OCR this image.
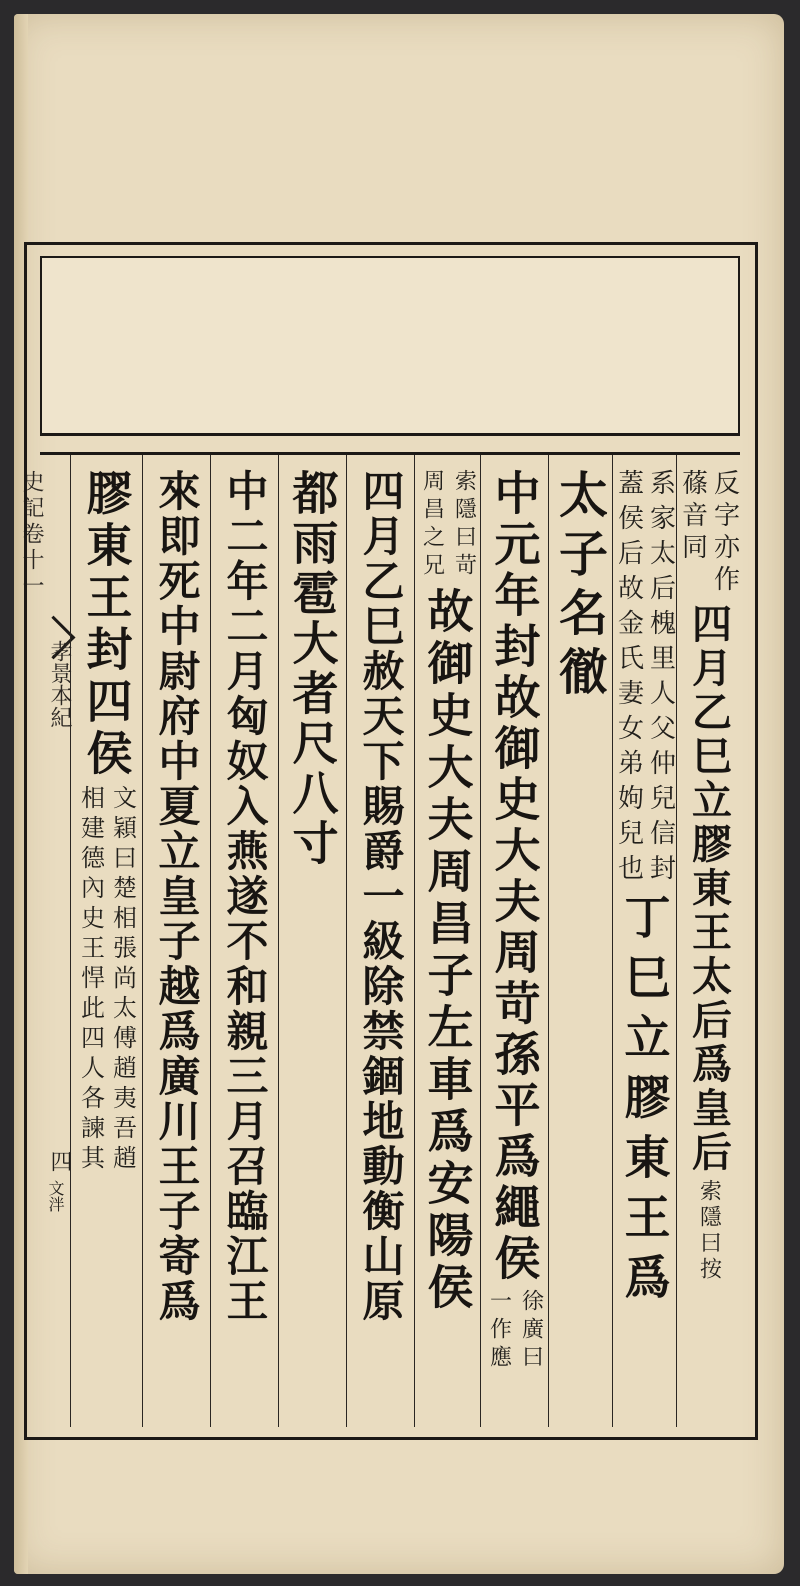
史記卷十一
孝景本紀
四
文泮
反字亦作
蓧音同
四月乙巳立膠東王太后爲皇后
索隱曰按
系家太后槐里人父仲兒信封
蓋侯后故金氏妻女弟姁兒也
丁巳立膠東王爲
太子名徹
中元年封故御史大夫周苛孫平爲繩侯
徐廣曰
一作應
索隱曰苛
周昌之兄
故御史大夫周昌子左車爲安陽侯
四月乙巳赦天下賜爵一級除禁錮地動衡山原
都雨雹大者尺八寸
中二年二月匈奴入燕遂不和親三月召臨江王
來即死中尉府中夏立皇子越爲廣川王子寄爲
膠東王封四侯
文穎曰楚相張尚太傅趙夷吾趙
相建德內史王悍此四人各諫其
